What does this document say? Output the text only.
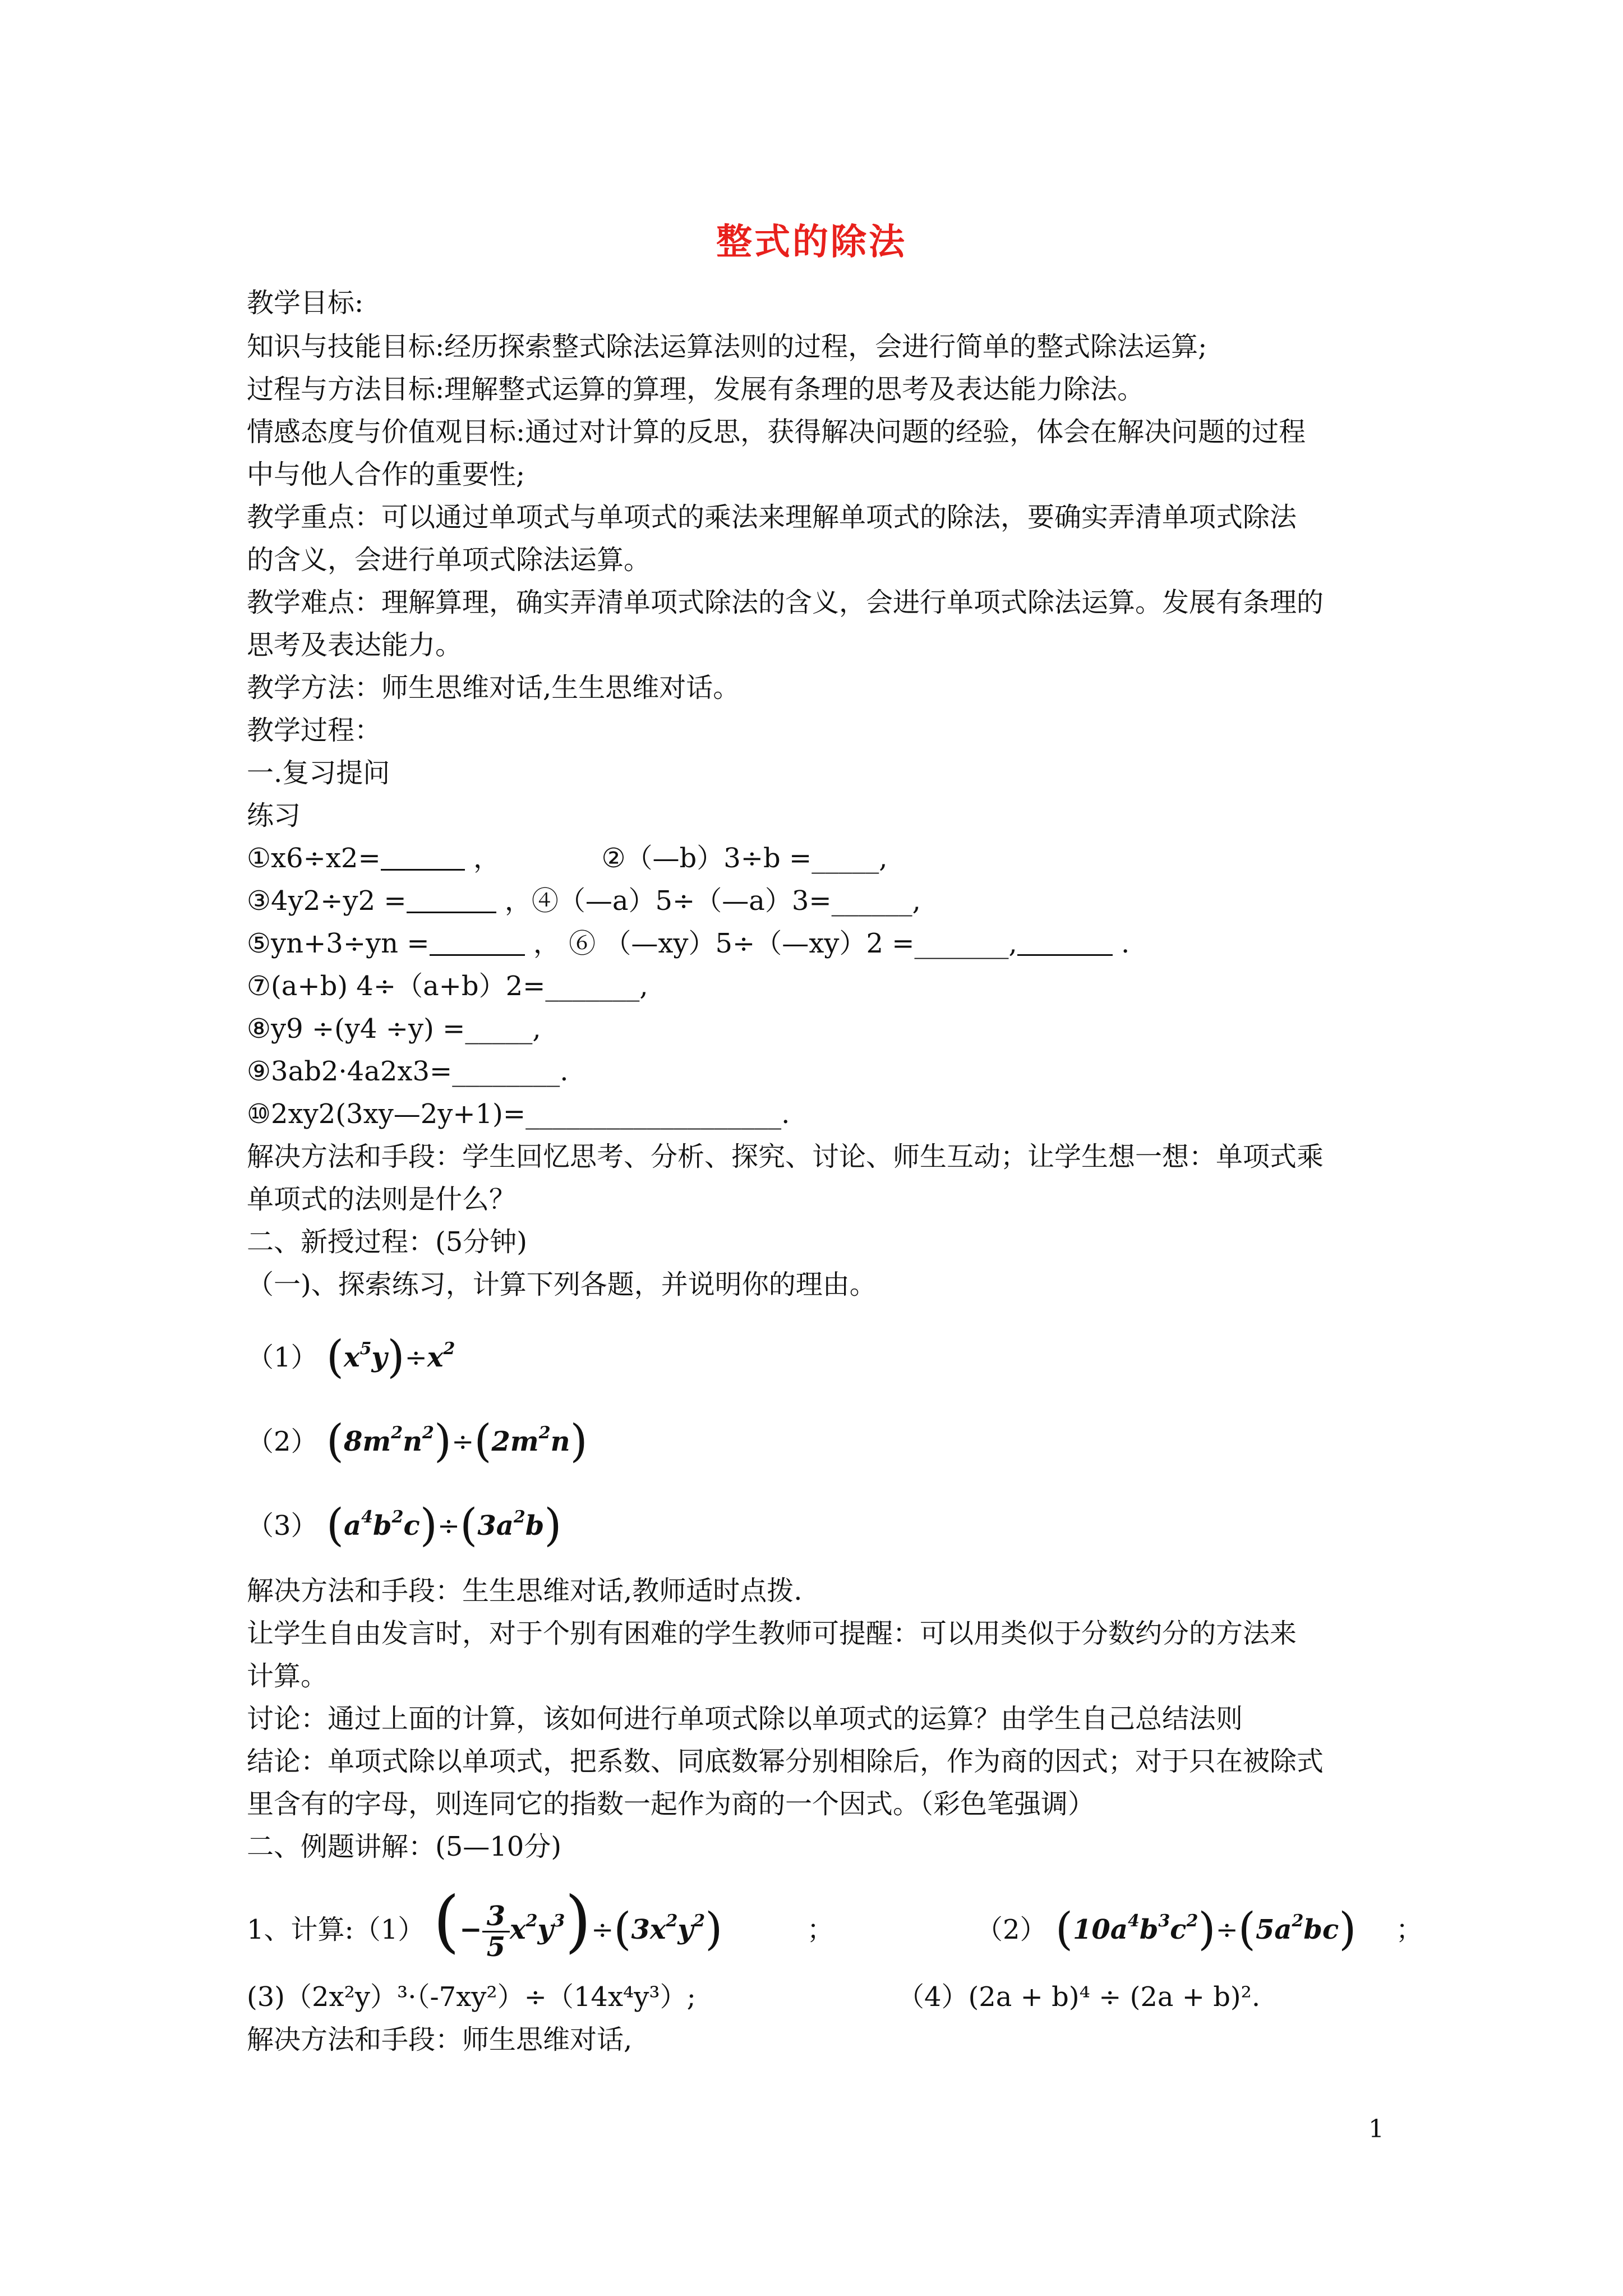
整式的除法
教学目标:
知识与技能目标:经历探索整式除法运算法则的过程，会进行简单的整式除法运算;
过程与方法目标:理解整式运算的算理，发展有条理的思考及表达能力除法。
情感态度与价值观目标:通过对计算的反思，获得解决问题的经验，体会在解决问题的过程
中与他人合作的重要性;
教学重点：可以通过单项式与单项式的乘法来理解单项式的除法，要确实弄清单项式除法
的含义，会进行单项式除法运算。
教学难点：理解算理，确实弄清单项式除法的含义，会进行单项式除法运算。发展有条理的
思考及表达能力。
教学方法：师生思维对话,生生思维对话。
教学过程：
一.复习提问
练习
①x6÷x2=	，	②（—b）3÷b =_____,
③4y2÷y2 =	，④（—a）5÷（—a）3=______,
⑤yn+3÷yn =	， ⑥ （—xy）5÷（—xy）2 =_______,	.
⑦(a+b) 4÷（a+b）2=_______,
⑧y9 ÷(y4 ÷y) =_____,
⑨3ab2·4a2x3=________.
⑩2xy2(3xy—2y+1)=___________________.
解决方法和手段：学生回忆思考、分析、探究、讨论、师生互动；让学生想一想：单项式乘
单项式的法则是什么？
二、新授过程：(5分钟)
（一)、探索练习，计算下列各题，并说明你的理由。
（1） $(x^5y)\div x^2$
（2） $(8m^2n^2)\div(2m^2n)$
（3） $(a^4b^2c)\div(3a^2b)$
解决方法和手段：生生思维对话,教师适时点拨.
让学生自由发言时，对于个别有困难的学生教师可提醒：可以用类似于分数约分的方法来
计算。
讨论：通过上面的计算，该如何进行单项式除以单项式的运算？由学生自己总结法则
结论：单项式除以单项式，把系数、同底数幂分别相除后，作为商的因式；对于只在被除式
里含有的字母，则连同它的指数一起作为商的一个因式。（彩色笔强调）
二、例题讲解：(5—10分)
1、计算:（1） (− $\frac{3}{5} x^2y^3)\div(3x^2y^2)$	；	（2） $(10a^4b^3c^2)\div(5a^2bc)$ ；
(3)（2x²y）³·（-7xy²）÷（14x⁴y³）;	（4）(2a + b)⁴ ÷ (2a + b)².
解决方法和手段：师生思维对话,
1
